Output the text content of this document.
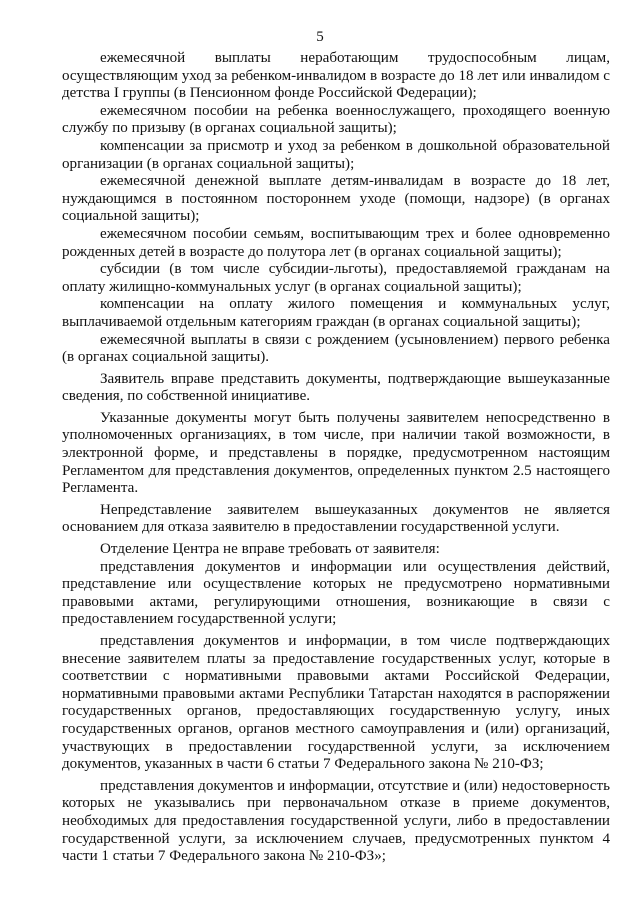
5

ежемесячной выплаты неработающим трудоспособным лицам, осуществляющим уход за ребенком-инвалидом в возрасте до 18 лет или инвалидом с детства I группы (в Пенсионном фонде Российской Федерации);

ежемесячном пособии на ребенка военнослужащего, проходящего военную службу по призыву (в органах социальной защиты);

компенсации за присмотр и уход за ребенком в дошкольной образовательной организации (в органах социальной защиты);

ежемесячной денежной выплате детям-инвалидам в возрасте до 18 лет, нуждающимся в постоянном постороннем уходе (помощи, надзоре) (в органах социальной защиты);

ежемесячном пособии семьям, воспитывающим трех и более одновременно рожденных детей в возрасте до полутора лет (в органах социальной защиты);

субсидии (в том числе субсидии-льготы), предоставляемой гражданам на оплату жилищно-коммунальных услуг (в органах социальной защиты);

компенсации на оплату жилого помещения и коммунальных услуг, выплачиваемой отдельным категориям граждан (в органах социальной защиты);

ежемесячной выплаты в связи с рождением (усыновлением) первого ребенка (в органах социальной защиты).

Заявитель вправе представить документы, подтверждающие вышеуказанные сведения, по собственной инициативе.

Указанные документы могут быть получены заявителем непосредственно в уполномоченных организациях, в том числе, при наличии такой возможности, в электронной форме, и представлены в порядке, предусмотренном настоящим Регламентом для представления документов, определенных пунктом 2.5 настоящего Регламента.

Непредставление заявителем вышеуказанных документов не является основанием для отказа заявителю в предоставлении государственной услуги.

Отделение Центра не вправе требовать от заявителя:

представления документов и информации или осуществления действий, представление или осуществление которых не предусмотрено нормативными правовыми актами, регулирующими отношения, возникающие в связи с предоставлением государственной услуги;

представления документов и информации, в том числе подтверждающих внесение заявителем платы за предоставление государственных услуг, которые в соответствии с нормативными правовыми актами Российской Федерации, нормативными правовыми актами Республики Татарстан находятся в распоряжении государственных органов, предоставляющих государственную услугу, иных государственных органов, органов местного самоуправления и (или) организаций, участвующих в предоставлении государственной услуги, за исключением документов, указанных в части 6 статьи 7 Федерального закона № 210-ФЗ;

представления документов и информации, отсутствие и (или) недостоверность которых не указывались при первоначальном отказе в приеме документов, необходимых для предоставления государственной услуги, либо в предоставлении государственной услуги, за исключением случаев, предусмотренных пунктом 4 части 1 статьи 7 Федерального закона № 210-ФЗ»;
